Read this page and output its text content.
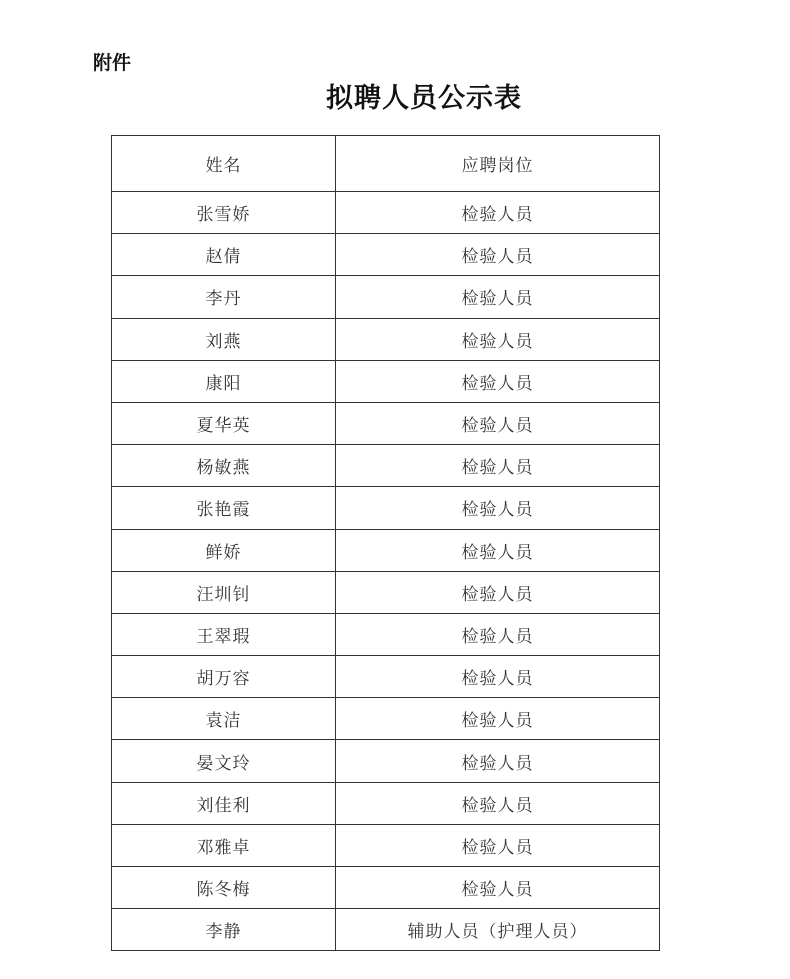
附件
拟聘人员公示表
姓名	应聘岗位
张雪娇	检验人员
赵倩	检验人员
李丹	检验人员
刘燕	检验人员
康阳	检验人员
夏华英	检验人员
杨敏燕	检验人员
张艳霞	检验人员
鲜娇	检验人员
汪圳钊	检验人员
王翠瑕	检验人员
胡万容	检验人员
袁洁	检验人员
晏文玲	检验人员
刘佳利	检验人员
邓雅卓	检验人员
陈冬梅	检验人员
李静	辅助人员（护理人员）
